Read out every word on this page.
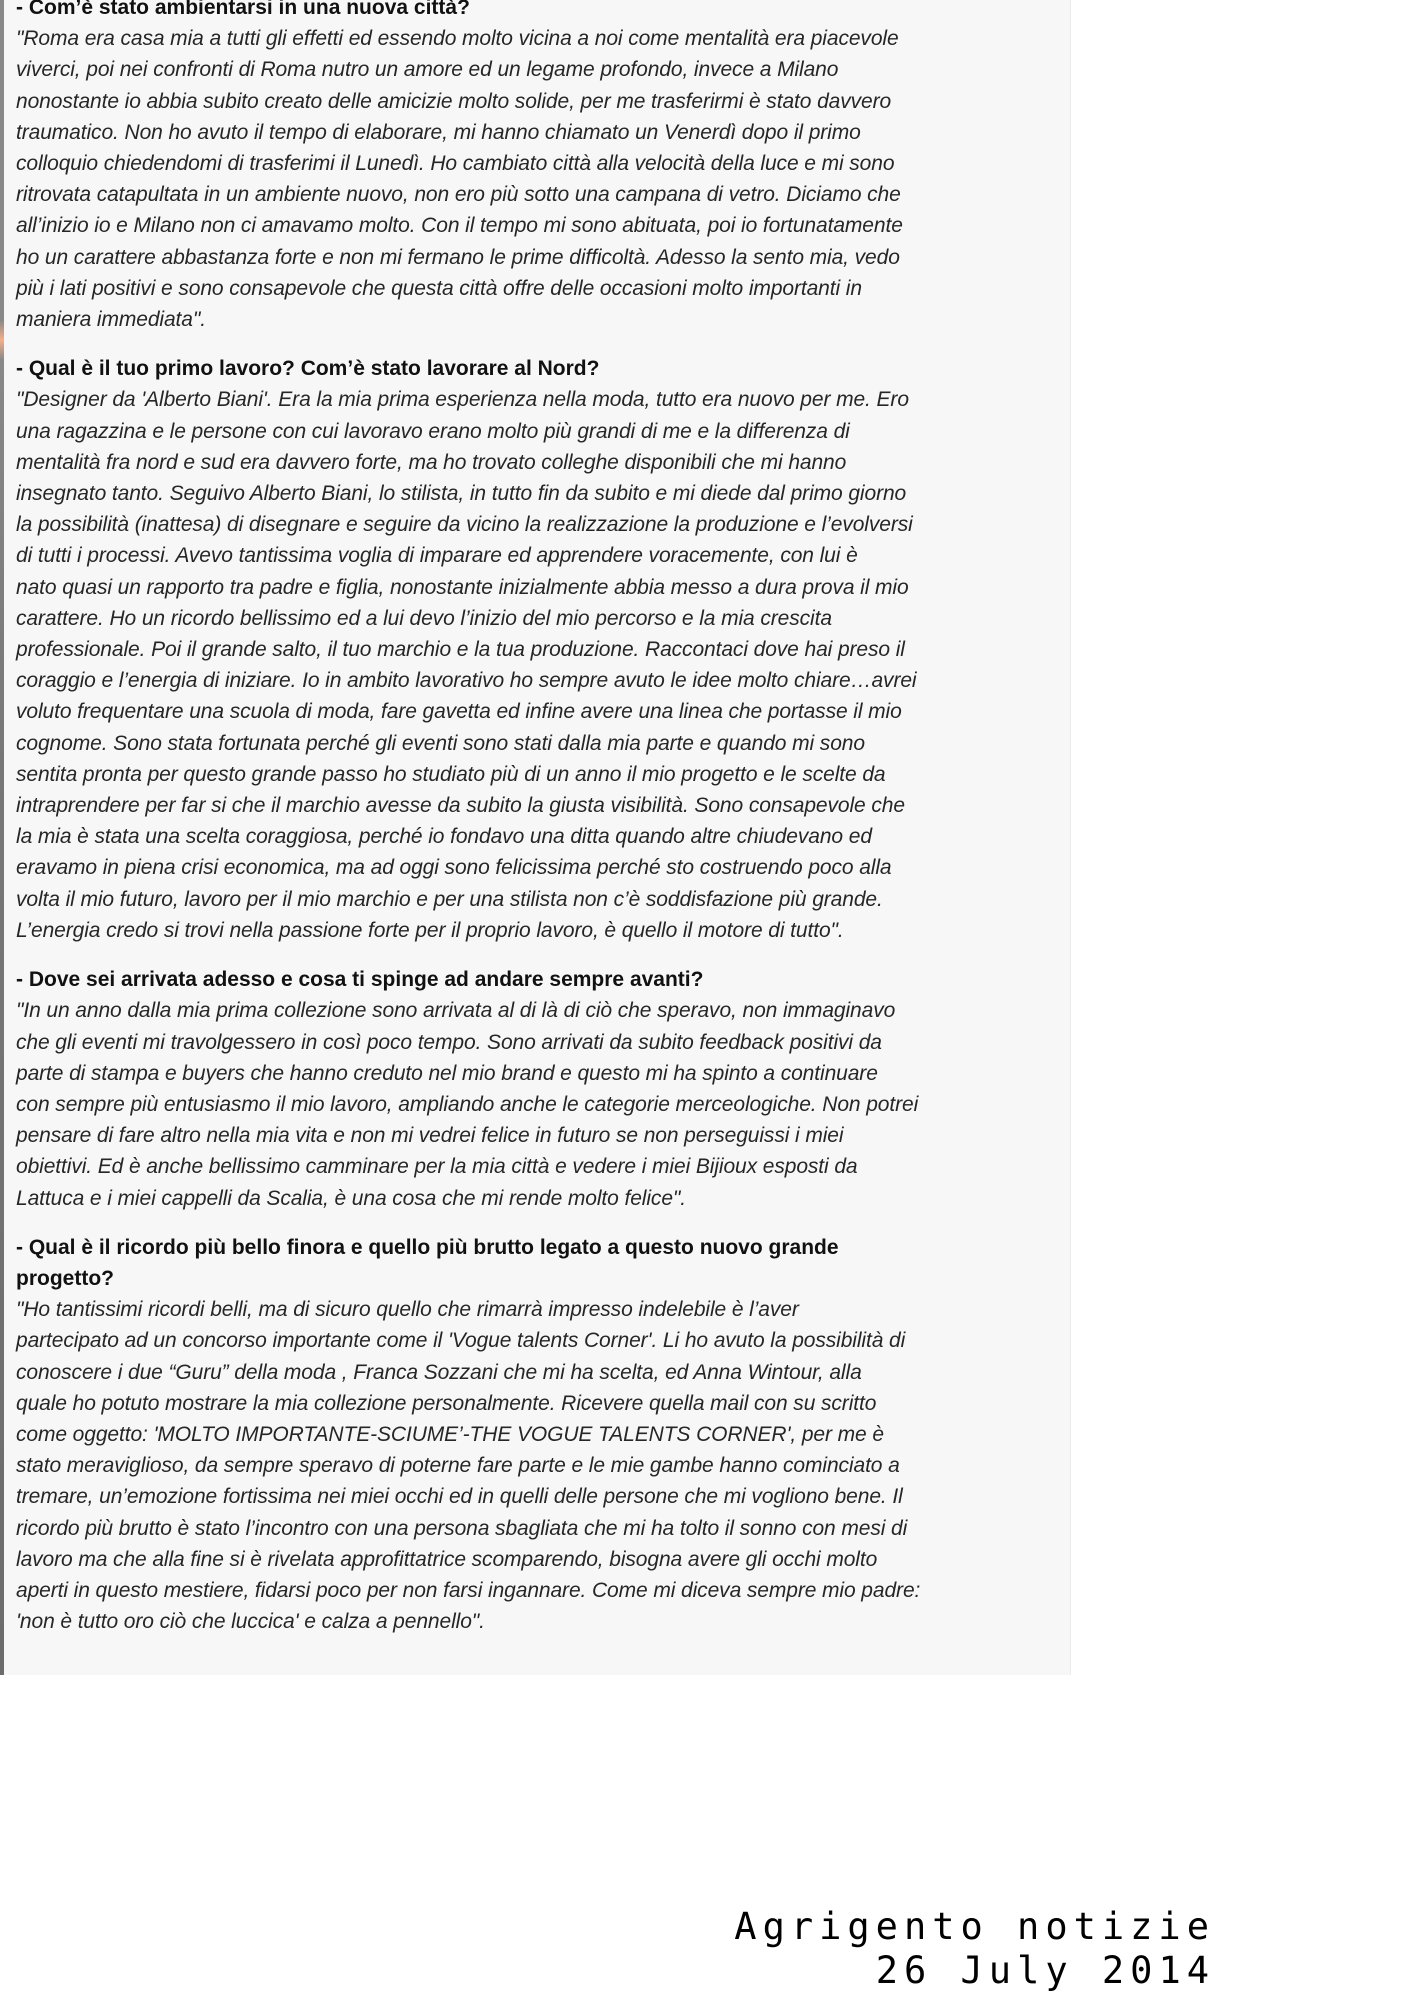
- Com’è stato ambientarsi in una nuova città?

"Roma era casa mia a tutti gli effetti ed essendo molto vicina a noi come mentalità era piacevole
viverci, poi nei confronti di Roma nutro un amore ed un legame profondo, invece a Milano
nonostante io abbia subito creato delle amicizie molto solide, per me trasferirmi è stato davvero
traumatico. Non ho avuto il tempo di elaborare, mi hanno chiamato un Venerdì dopo il primo
colloquio chiedendomi di trasferimi il Lunedì. Ho cambiato città alla velocità della luce e mi sono
ritrovata catapultata in un ambiente nuovo, non ero più sotto una campana di vetro. Diciamo che
all’inizio io e Milano non ci amavamo molto. Con il tempo mi sono abituata, poi io fortunatamente
ho un carattere abbastanza forte e non mi fermano le prime difficoltà. Adesso la sento mia, vedo
più i lati positivi e sono consapevole che questa città offre delle occasioni molto importanti in
maniera immediata".

- Qual è il tuo primo lavoro? Com’è stato lavorare al Nord?

"Designer da 'Alberto Biani'. Era la mia prima esperienza nella moda, tutto era nuovo per me. Ero
una ragazzina e le persone con cui lavoravo erano molto più grandi di me e la differenza di
mentalità fra nord e sud era davvero forte, ma ho trovato colleghe disponibili che mi hanno
insegnato tanto. Seguivo Alberto Biani, lo stilista, in tutto fin da subito e mi diede dal primo giorno
la possibilità (inattesa) di disegnare e seguire da vicino la realizzazione la produzione e l’evolversi
di tutti i processi. Avevo tantissima voglia di imparare ed apprendere voracemente, con lui è
nato quasi un rapporto tra padre e figlia, nonostante inizialmente abbia messo a dura prova il mio
carattere. Ho un ricordo bellissimo ed a lui devo l’inizio del mio percorso e la mia crescita
professionale. Poi il grande salto, il tuo marchio e la tua produzione. Raccontaci dove hai preso il
coraggio e l’energia di iniziare. Io in ambito lavorativo ho sempre avuto le idee molto chiare…avrei
voluto frequentare una scuola di moda, fare gavetta ed infine avere una linea che portasse il mio
cognome. Sono stata fortunata perché gli eventi sono stati dalla mia parte e quando mi sono
sentita pronta per questo grande passo ho studiato più di un anno il mio progetto e le scelte da
intraprendere per far si che il marchio avesse da subito la giusta visibilità. Sono consapevole che
la mia è stata una scelta coraggiosa, perché io fondavo una ditta quando altre chiudevano ed
eravamo in piena crisi economica, ma ad oggi sono felicissima perché sto costruendo poco alla
volta il mio futuro, lavoro per il mio marchio e per una stilista non c’è soddisfazione più grande.
L’energia credo si trovi nella passione forte per il proprio lavoro, è quello il motore di tutto".

- Dove sei arrivata adesso e cosa ti spinge ad andare sempre avanti?

"In un anno dalla mia prima collezione sono arrivata al di là di ciò che speravo, non immaginavo
che gli eventi mi travolgessero in così poco tempo. Sono arrivati da subito feedback positivi da
parte di stampa e buyers che hanno creduto nel mio brand e questo mi ha spinto a continuare
con sempre più entusiasmo il mio lavoro, ampliando anche le categorie merceologiche. Non potrei
pensare di fare altro nella mia vita e non mi vedrei felice in futuro se non perseguissi i miei
obiettivi. Ed è anche bellissimo camminare per la mia città e vedere i miei Bijioux esposti da
Lattuca e i miei cappelli da Scalia, è una cosa che mi rende molto felice".

- Qual è il ricordo più bello finora e quello più brutto legato a questo nuovo grande
progetto?

"Ho tantissimi ricordi belli, ma di sicuro quello che rimarrà impresso indelebile è l’aver
partecipato ad un concorso importante come il 'Vogue talents Corner'. Li ho avuto la possibilità di
conoscere i due “Guru” della moda , Franca Sozzani che mi ha scelta, ed Anna Wintour, alla
quale ho potuto mostrare la mia collezione personalmente. Ricevere quella mail con su scritto
come oggetto: 'MOLTO IMPORTANTE-SCIUME’-THE VOGUE TALENTS CORNER', per me è
stato meraviglioso, da sempre speravo di poterne fare parte e le mie gambe hanno cominciato a
tremare, un’emozione fortissima nei miei occhi ed in quelli delle persone che mi vogliono bene. Il
ricordo più brutto è stato l’incontro con una persona sbagliata che mi ha tolto il sonno con mesi di
lavoro ma che alla fine si è rivelata approfittatrice scomparendo, bisogna avere gli occhi molto
aperti in questo mestiere, fidarsi poco per non farsi ingannare. Come mi diceva sempre mio padre:
'non è tutto oro ciò che luccica' e calza a pennello".

Agrigento notizie
26 July 2014
